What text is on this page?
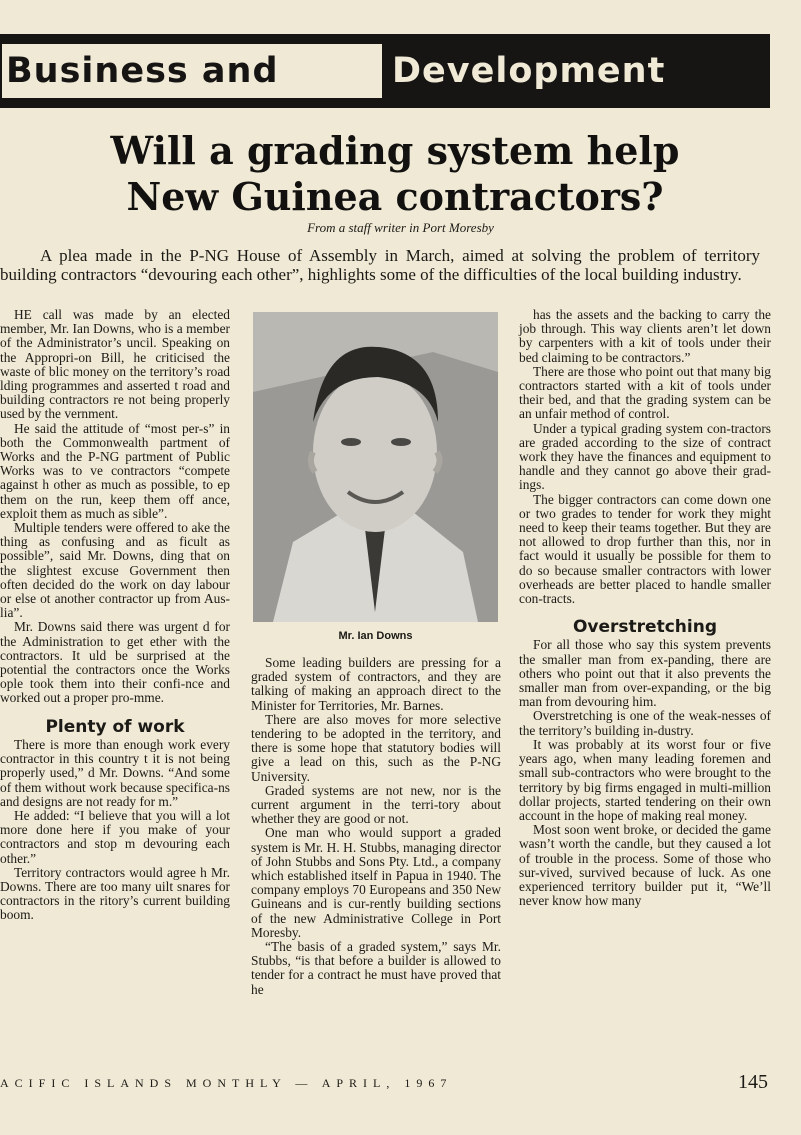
Business and	Development
Will a grading system help
New Guinea contractors?
From a staff writer in Port Moresby
A plea made in the P-NG House of Assembly in March, aimed at solving the problem of territory building contractors “devouring each other”, highlights some of the difficulties of the local building industry.

HE call was made by an elected member, Mr. Ian Downs, who is a member of the Administrator’s uncil. Speaking on the Appropri-on Bill, he criticised the waste of blic money on the territory’s road lding programmes and asserted t road and building contractors re not being properly used by the vernment.

He said the attitude of “most per-s” in both the Commonwealth partment of Works and the P-NG partment of Public Works was to ve contractors “compete against h other as much as possible, to ep them on the run, keep them off ance, exploit them as much as sible”.

Multiple tenders were offered to ake the thing as confusing and as ficult as possible”, said Mr. Downs, ding that on the slightest excuse Government then often decided do the work on day labour or else ot another contractor up from Aus-lia”.

Mr. Downs said there was urgent d for the Administration to get ether with the contractors. It uld be surprised at the potential the contractors once the Works ople took them into their confi-nce and worked out a proper pro-mme.

Plenty of work

There is more than enough work every contractor in this country t it is not being properly used,” d Mr. Downs. “And some of them without work because specifica-ns and designs are not ready for m.”

He added: “I believe that you will a lot more done here if you make of your contractors and stop m devouring each other.”

Territory contractors would agree h Mr. Downs. There are too many uilt snares for contractors in the ritory’s current building boom.

Mr. Ian Downs

Some leading builders are pressing for a graded system of contractors, and they are talking of making an approach direct to the Minister for Territories, Mr. Barnes.

There are also moves for more selective tendering to be adopted in the territory, and there is some hope that statutory bodies will give a lead on this, such as the P-NG University.

Graded systems are not new, nor is the current argument in the terri-tory about whether they are good or not.

One man who would support a graded system is Mr. H. H. Stubbs, managing director of John Stubbs and Sons Pty. Ltd., a company which established itself in Papua in 1940. The company employs 70 Europeans and 350 New Guineans and is cur-rently building sections of the new Administrative College in Port Moresby.

“The basis of a graded system,” says Mr. Stubbs, “is that before a builder is allowed to tender for a contract he must have proved that he

has the assets and the backing to carry the job through. This way clients aren’t let down by carpenters with a kit of tools under their bed claiming to be contractors.”

There are those who point out that many big contractors started with a kit of tools under their bed, and that the grading system can be an unfair method of control.

Under a typical grading system con-tractors are graded according to the size of contract work they have the finances and equipment to handle and they cannot go above their grad-ings.

The bigger contractors can come down one or two grades to tender for work they might need to keep their teams together. But they are not allowed to drop further than this, nor in fact would it usually be possible for them to do so because smaller contractors with lower overheads are better placed to handle smaller con-tracts.

Overstretching

For all those who say this system prevents the smaller man from ex-panding, there are others who point out that it also prevents the smaller man from over-expanding, or the big man from devouring him.

Overstretching is one of the weak-nesses of the territory’s building in-dustry.

It was probably at its worst four or five years ago, when many leading foremen and small sub-contractors who were brought to the territory by big firms engaged in multi-million dollar projects, started tendering on their own account in the hope of making real money.

Most soon went broke, or decided the game wasn’t worth the candle, but they caused a lot of trouble in the process. Some of those who sur-vived, survived because of luck. As one experienced territory builder put it, “We’ll never know how many

ACIFIC ISLANDS MONTHLY — APRIL, 1967	145
